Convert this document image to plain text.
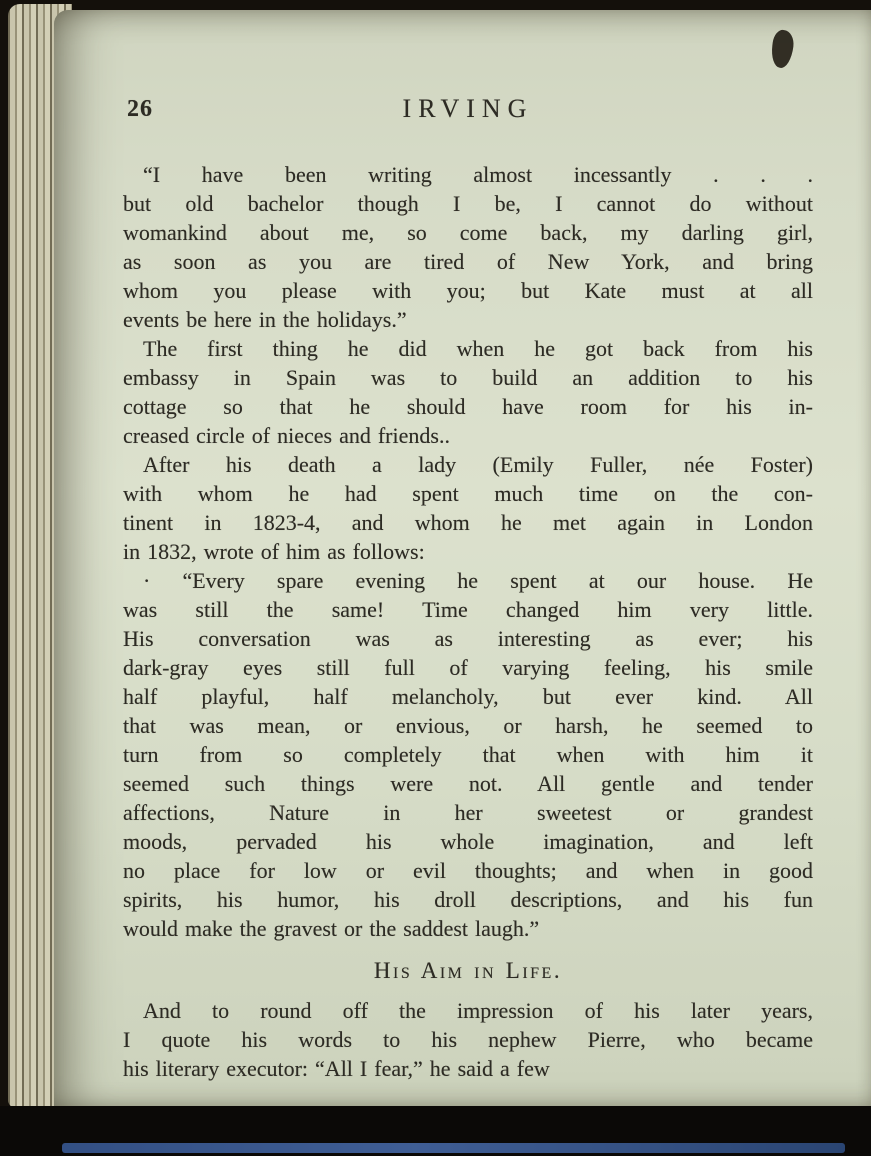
26	IRVING
“I have been writing almost incessantly . . .
but old bachelor though I be, I cannot do without
womankind about me, so come back, my darling girl,
as soon as you are tired of New York, and bring
whom you please with you; but Kate must at all
events be here in the holidays.”
The first thing he did when he got back from his
embassy in Spain was to build an addition to his
cottage so that he should have room for his in-
creased circle of nieces and friends..
After his death a lady (Emily Fuller, née Foster)
with whom he had spent much time on the con-
tinent in 1823-4, and whom he met again in London
in 1832, wrote of him as follows:
· “Every spare evening he spent at our house. He
was still the same! Time changed him very little.
His conversation was as interesting as ever; his
dark-gray eyes still full of varying feeling, his smile
half playful, half melancholy, but ever kind. All
that was mean, or envious, or harsh, he seemed to
turn from so completely that when with him it
seemed such things were not. All gentle and tender
affections, Nature in her sweetest or grandest
moods, pervaded his whole imagination, and left
no place for low or evil thoughts; and when in good
spirits, his humor, his droll descriptions, and his fun
would make the gravest or the saddest laugh.”
His Aim in Life.
And to round off the impression of his later years,
I quote his words to his nephew Pierre, who became
his literary executor: “All I fear,” he said a few
